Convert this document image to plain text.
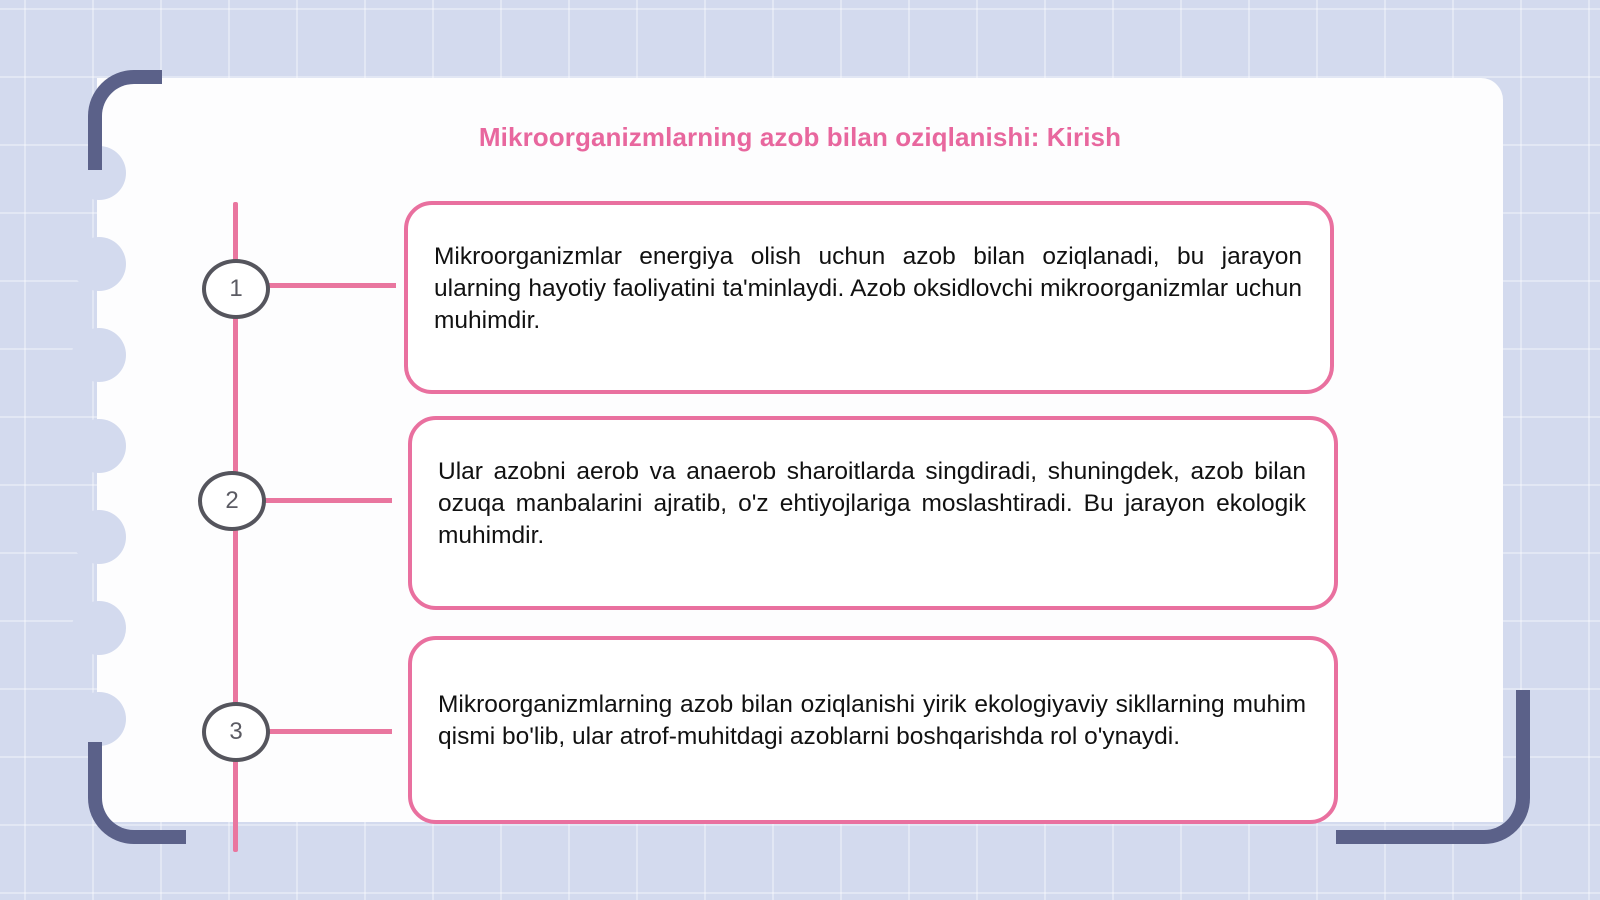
Mikroorganizmlarning azob bilan oziqlanishi: Kirish
1
2
3
Mikroorganizmlar energiya olish uchun azob bilan oziqlanadi, bu jarayon ularning hayotiy faoliyatini ta'minlaydi. Azob oksidlovchi mikroorganizmlar uchun muhimdir.
Ular azobni aerob va anaerob sharoitlarda singdiradi, shuningdek, azob bilan ozuqa manbalarini ajratib, o'z ehtiyojlariga moslashtiradi. Bu jarayon ekologik muhimdir.
Mikroorganizmlarning azob bilan oziqlanishi yirik ekologiyaviy sikllarning muhim qismi bo'lib, ular atrof-muhitdagi azoblarni boshqarishda rol o'ynaydi.
